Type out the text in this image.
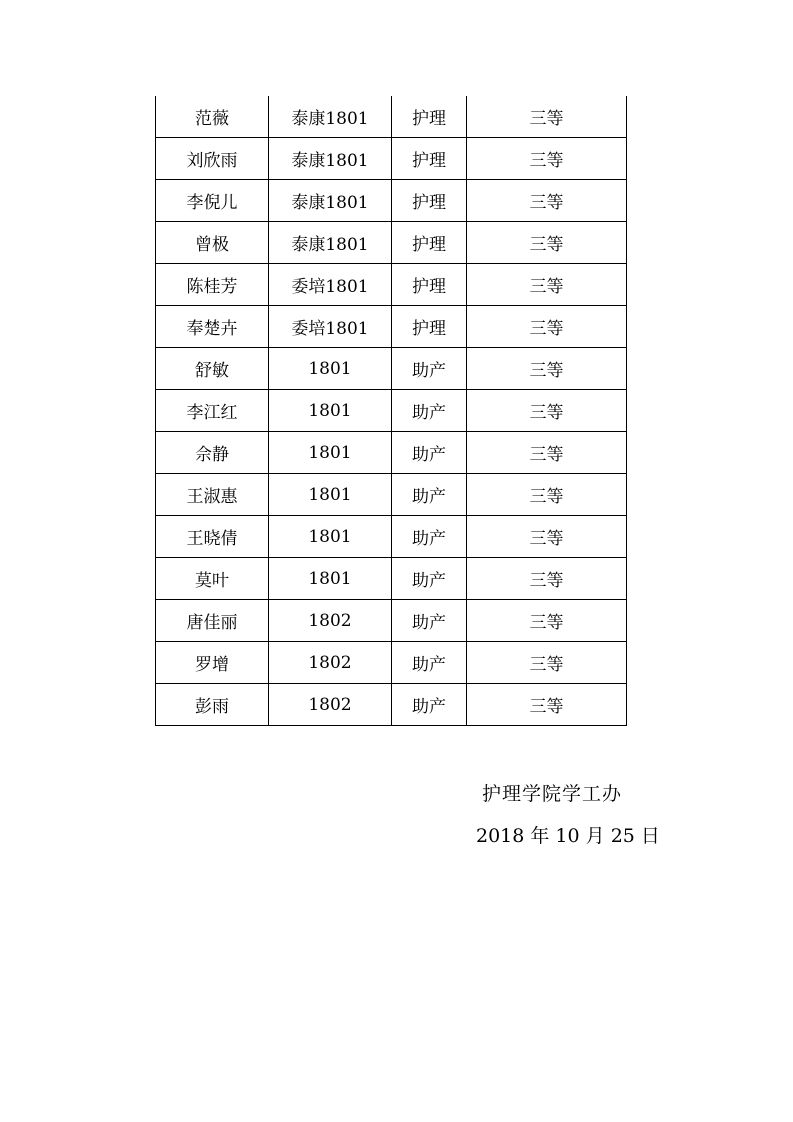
范薇	泰康1801	护理	三等
刘欣雨	泰康1801	护理	三等
李倪儿	泰康1801	护理	三等
曾极	泰康1801	护理	三等
陈桂芳	委培1801	护理	三等
奉楚卉	委培1801	护理	三等
舒敏	1801	助产	三等
李江红	1801	助产	三等
佘静	1801	助产	三等
王淑惠	1801	助产	三等
王晓倩	1801	助产	三等
莫叶	1801	助产	三等
唐佳丽	1802	助产	三等
罗增	1802	助产	三等
彭雨	1802	助产	三等
护理学院学工办
2018 年 10 月 25 日
